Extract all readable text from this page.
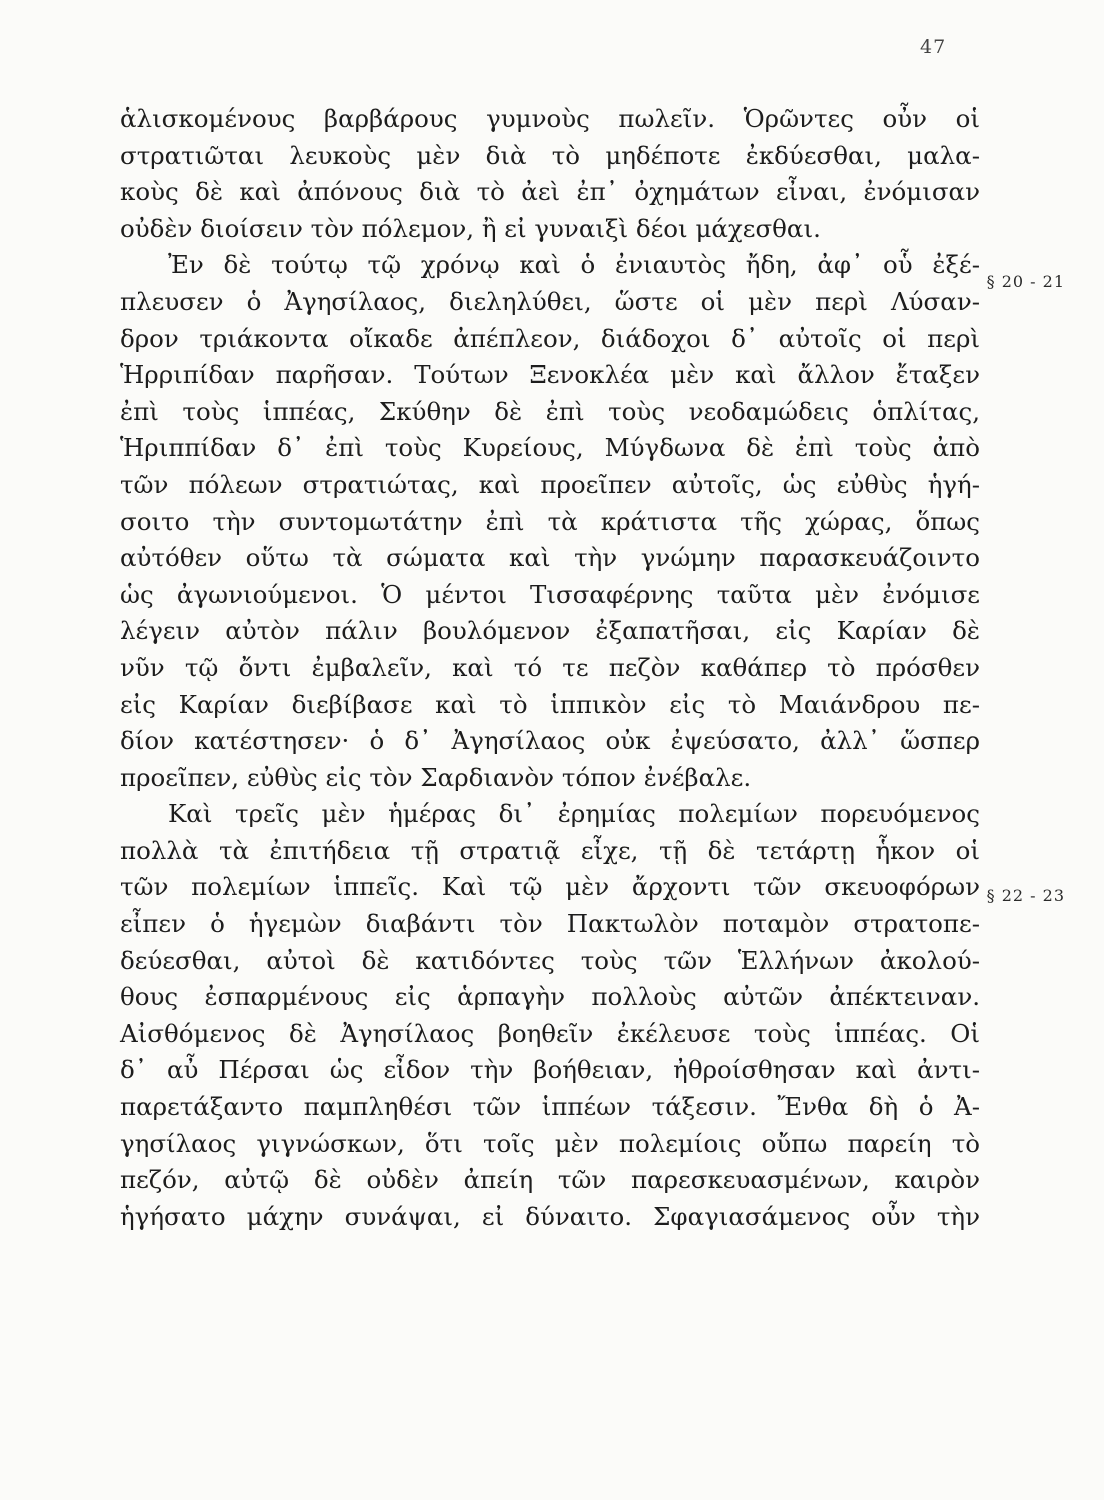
47
ἁλισκομένους βαρβάρους γυμνοὺς πωλεῖν. Ὁρῶντες οὖν οἱ
στρατιῶται λευκοὺς μὲν διὰ τὸ μηδέποτε ἐκδύεσθαι, μαλα-
κοὺς δὲ καὶ ἀπόνους διὰ τὸ ἀεὶ ἐπ᾽ ὀχημάτων εἶναι, ἐνόμισαν
οὐδὲν διοίσειν τὸν πόλεμον, ἢ εἰ γυναιξὶ δέοι μάχεσθαι.
Ἐν δὲ τούτῳ τῷ χρόνῳ καὶ ὁ ἐνιαυτὸς ἤδη, ἀφ᾽ οὗ ἐξέ-
πλευσεν ὁ Ἀγησίλαος, διεληλύθει, ὥστε οἱ μὲν περὶ Λύσαν-
δρον τριάκοντα οἴκαδε ἀπέπλεον, διάδοχοι δ᾽ αὐτοῖς οἱ περὶ
Ἡρριπίδαν παρῆσαν. Τούτων Ξενοκλέα μὲν καὶ ἄλλον ἔταξεν
ἐπὶ τοὺς ἱππέας, Σκύθην δὲ ἐπὶ τοὺς νεοδαμώδεις ὁπλίτας,
Ἡριππίδαν δ᾽ ἐπὶ τοὺς Κυρείους, Μύγδωνα δὲ ἐπὶ τοὺς ἀπὸ
τῶν πόλεων στρατιώτας, καὶ προεῖπεν αὐτοῖς, ὡς εὐθὺς ἡγή-
σοιτο τὴν συντομωτάτην ἐπὶ τὰ κράτιστα τῆς χώρας, ὅπως
αὐτόθεν οὕτω τὰ σώματα καὶ τὴν γνώμην παρασκευάζοιντο
ὡς ἀγωνιούμενοι. Ὁ μέντοι Τισσαφέρνης ταῦτα μὲν ἐνόμισε
λέγειν αὐτὸν πάλιν βουλόμενον ἐξαπατῆσαι, εἰς Καρίαν δὲ
νῦν τῷ ὄντι ἐμβαλεῖν, καὶ τό τε πεζὸν καθάπερ τὸ πρόσθεν
εἰς Καρίαν διεβίβασε καὶ τὸ ἱππικὸν εἰς τὸ Μαιάνδρου πε-
δίον κατέστησεν· ὁ δ᾽ Ἀγησίλαος οὐκ ἐψεύσατο, ἀλλ᾽ ὥσπερ
προεῖπεν, εὐθὺς εἰς τὸν Σαρδιανὸν τόπον ἐνέβαλε.
Καὶ τρεῖς μὲν ἡμέρας δι᾽ ἐρημίας πολεμίων πορευόμενος
πολλὰ τὰ ἐπιτήδεια τῇ στρατιᾷ εἶχε, τῇ δὲ τετάρτῃ ἧκον οἱ
τῶν πολεμίων ἱππεῖς. Καὶ τῷ μὲν ἄρχοντι τῶν σκευοφόρων
εἶπεν ὁ ἡγεμὼν διαβάντι τὸν Πακτωλὸν ποταμὸν στρατοπε-
δεύεσθαι, αὐτοὶ δὲ κατιδόντες τοὺς τῶν Ἑλλήνων ἀκολού-
θους ἐσπαρμένους εἰς ἁρπαγὴν πολλοὺς αὐτῶν ἀπέκτειναν.
Αἰσθόμενος δὲ Ἀγησίλαος βοηθεῖν ἐκέλευσε τοὺς ἱππέας. Οἱ
δ᾽ αὖ Πέρσαι ὡς εἶδον τὴν βοήθειαν, ἠθροίσθησαν καὶ ἀντι-
παρετάξαντο παμπληθέσι τῶν ἱππέων τάξεσιν. Ἔνθα δὴ ὁ Ἀ-
γησίλαος γιγνώσκων, ὅτι τοῖς μὲν πολεμίοις οὔπω παρείη τὸ
πεζόν, αὐτῷ δὲ οὐδὲν ἀπείη τῶν παρεσκευασμένων, καιρὸν
ἡγήσατο μάχην συνάψαι, εἰ δύναιτο. Σφαγιασάμενος οὖν τὴν
§ 20 - 21
§ 22 - 23
